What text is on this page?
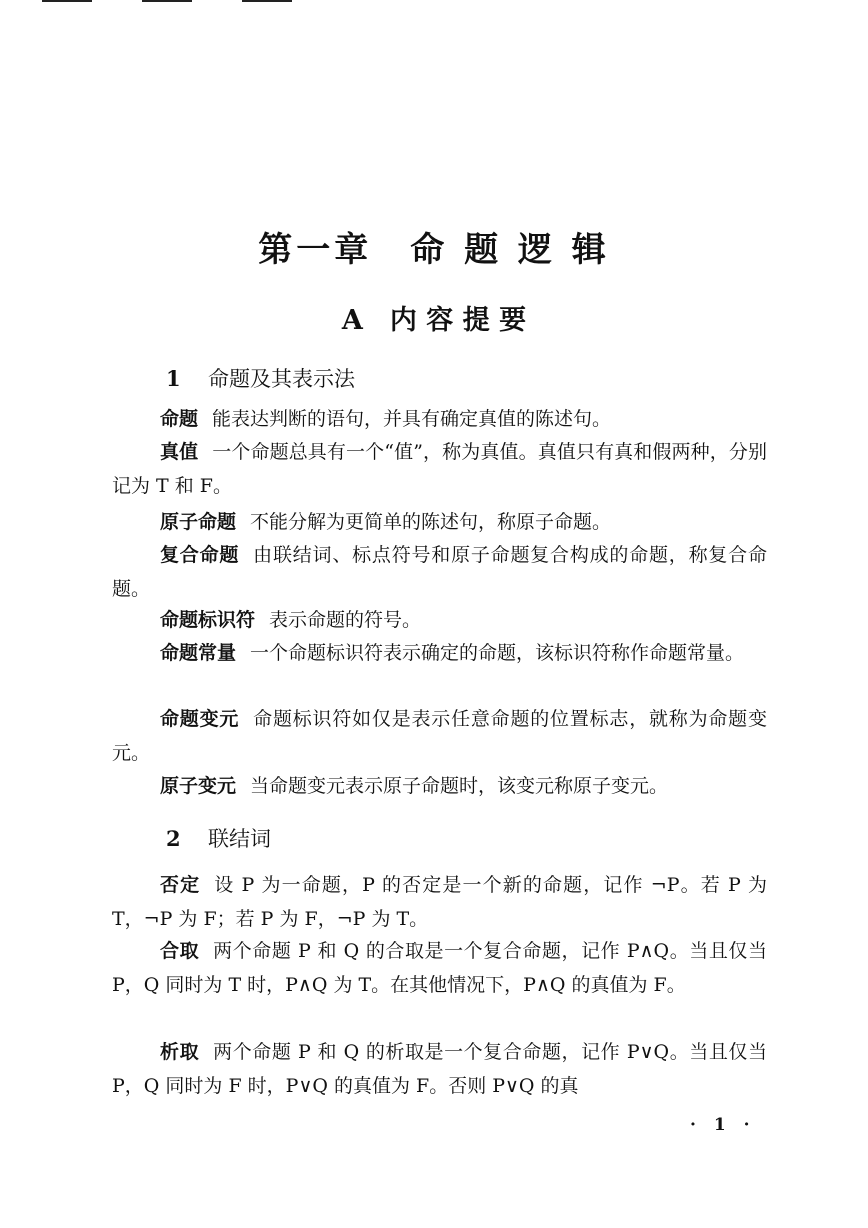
第一章　命 题 逻 辑
A　内 容 提 要
1 命题及其表示法

命题 能表达判断的语句，并具有确定真值的陈述句。

真值 一个命题总具有一个“值”，称为真值。真值只有真和假两种，分别记为 T 和 F。

原子命题 不能分解为更简单的陈述句，称原子命题。

复合命题 由联结词、标点符号和原子命题复合构成的命题，称复合命题。

命题标识符 表示命题的符号。

命题常量 一个命题标识符表示确定的命题，该标识符称作命题常量。

命题变元 命题标识符如仅是表示任意命题的位置标志，就称为命题变元。

原子变元 当命题变元表示原子命题时，该变元称原子变元。

2 联结词

否定 设 P 为一命题，P 的否定是一个新的命题，记作 ¬P。若 P 为 T，¬P 为 F；若 P 为 F，¬P 为 T。

合取 两个命题 P 和 Q 的合取是一个复合命题，记作 P∧Q。当且仅当 P，Q 同时为 T 时，P∧Q 为 T。在其他情况下，P∧Q 的真值为 F。

析取 两个命题 P 和 Q 的析取是一个复合命题，记作 P∨Q。当且仅当 P，Q 同时为 F 时，P∨Q 的真值为 F。否则 P∨Q 的真

· 1 ·
